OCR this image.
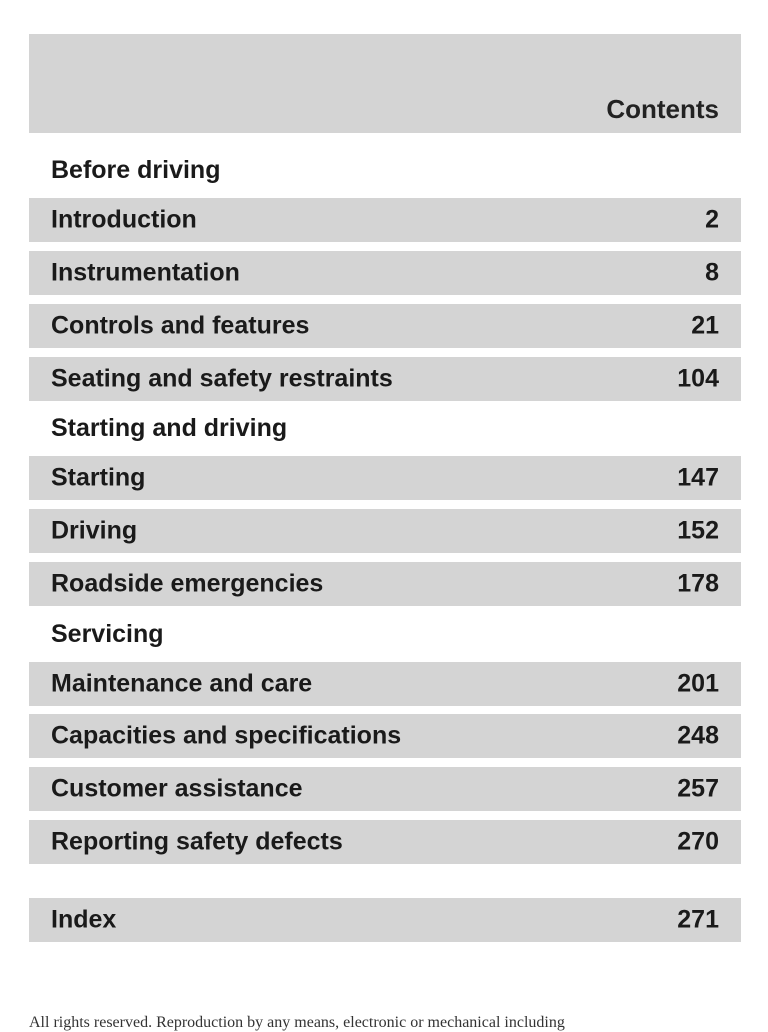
Contents
Before driving
Introduction	2
Instrumentation	8
Controls and features	21
Seating and safety restraints	104
Starting and driving
Starting	147
Driving	152
Roadside emergencies	178
Servicing
Maintenance and care	201
Capacities and specifications	248
Customer assistance	257
Reporting safety defects	270
Index	271
All rights reserved. Reproduction by any means, electronic or mechanical including
